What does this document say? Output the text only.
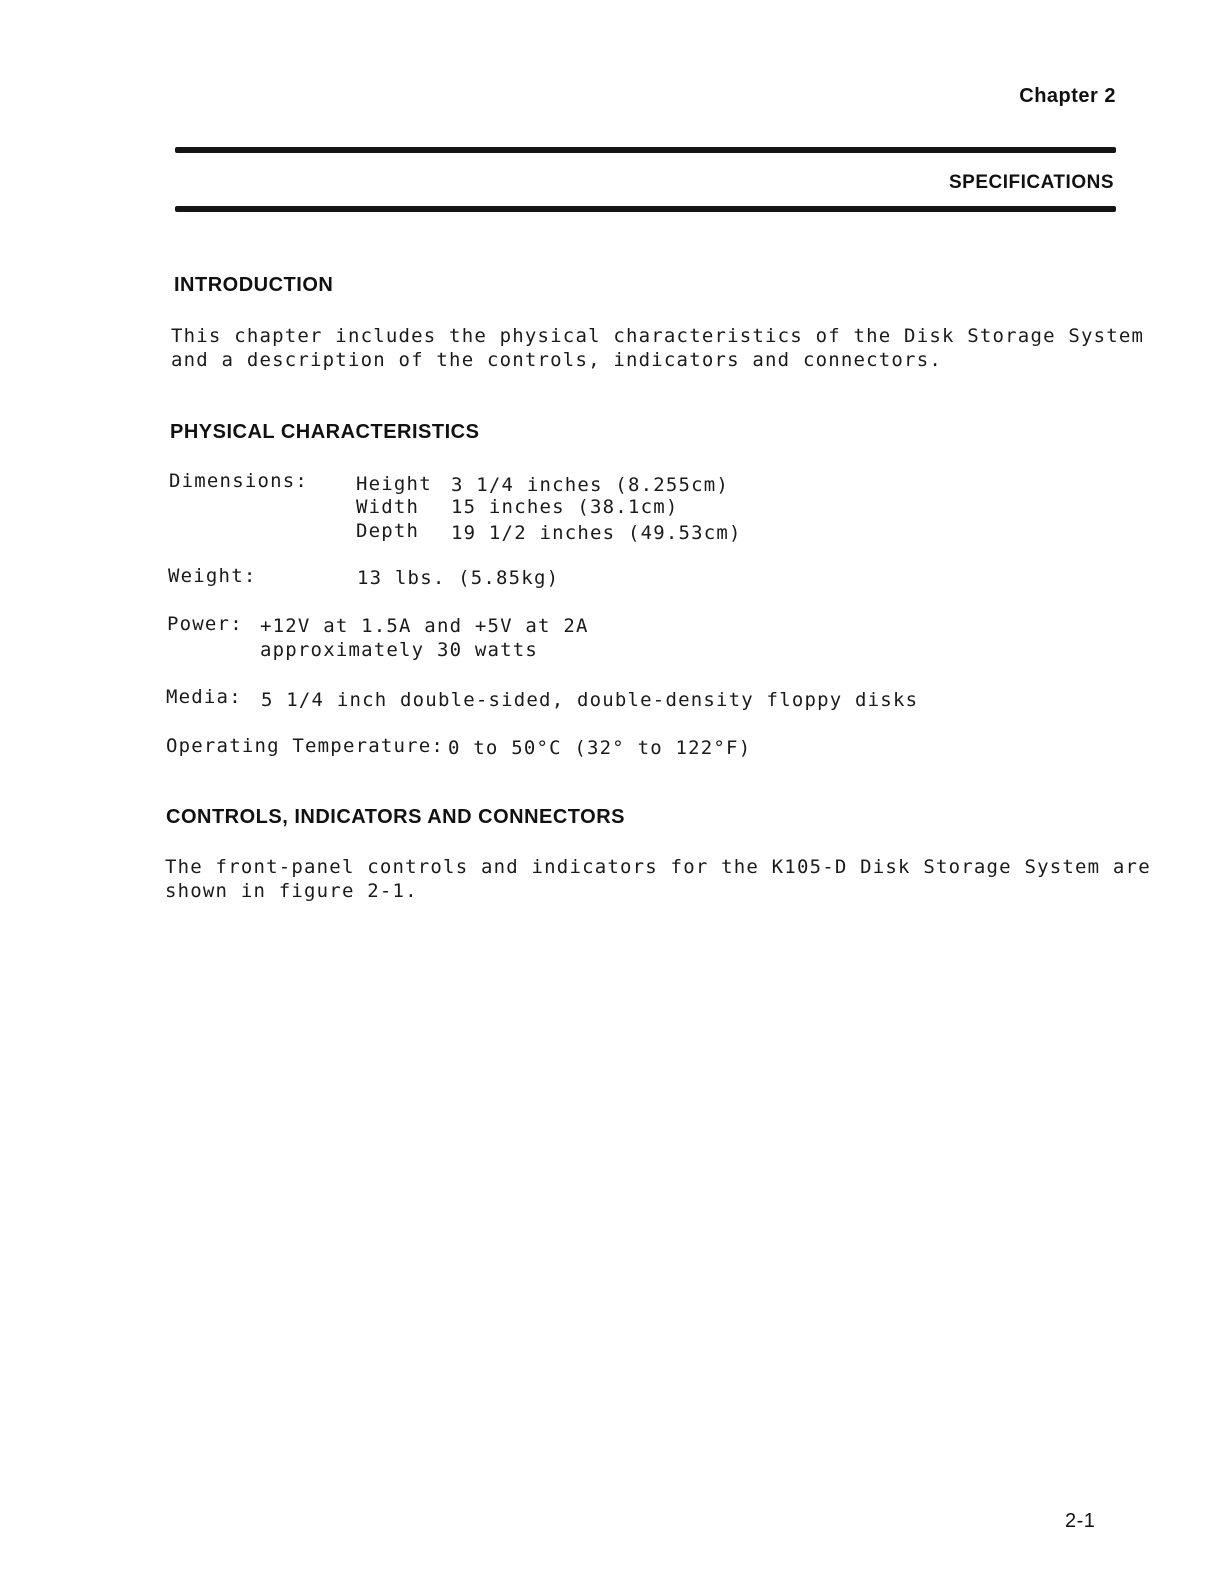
Chapter 2
SPECIFICATIONS
INTRODUCTION
This chapter includes the physical characteristics of the Disk Storage System
and a description of the controls, indicators and connectors.
PHYSICAL CHARACTERISTICS
Dimensions:	Height 3 1/4 inches (8.255cm)
Width 15 inches (38.1cm)
Depth 19 1/2 inches (49.53cm)
Weight:	13 lbs. (5.85kg)
Power: +12V at 1.5A and +5V at 2A
approximately 30 watts
Media: 5 1/4 inch double-sided, double-density floppy disks
Operating Temperature: 0 to 50°C (32° to 122°F)
CONTROLS, INDICATORS AND CONNECTORS
The front-panel controls and indicators for the K105-D Disk Storage System are
shown in figure 2-1.
2-1
